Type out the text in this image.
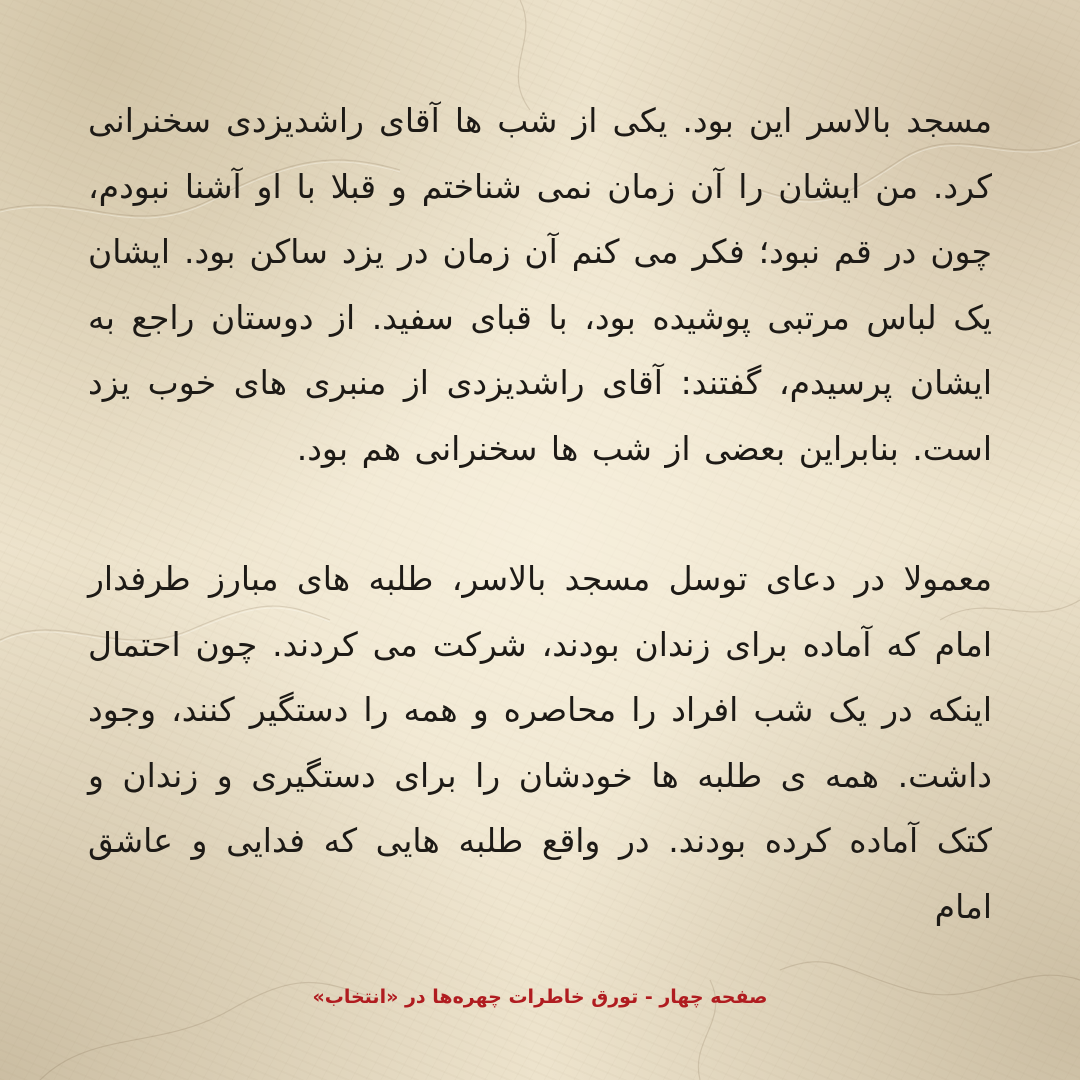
مسجد بالاسر این بود. یکی از شب ها آقای راشدیزدی سخنرانی کرد. من ایشان را آن زمان نمی شناختم و قبلا با او آشنا نبودم، چون در قم نبود؛ فکر می کنم آن زمان در یزد ساکن بود. ایشان یک لباس مرتبی پوشیده بود، با قبای سفید. از دوستان راجع به ایشان پرسیدم، گفتند: آقای راشدیزدی از منبری های خوب یزد است. بنابراین بعضی از شب ها سخنرانی هم بود.

معمولا در دعای توسل مسجد بالاسر، طلبه های مبارز طرفدار امام که آماده برای زندان بودند، شرکت می کردند. چون احتمال اینکه در یک شب افراد را محاصره و همه را دستگیر کنند، وجود داشت. همه ی طلبه ها خودشان را برای دستگیری و زندان و کتک آماده کرده بودند. در واقع طلبه هایی که فدایی و عاشق امام

صفحه چهار - تورق خاطرات چهره‌ها در «انتخاب»
